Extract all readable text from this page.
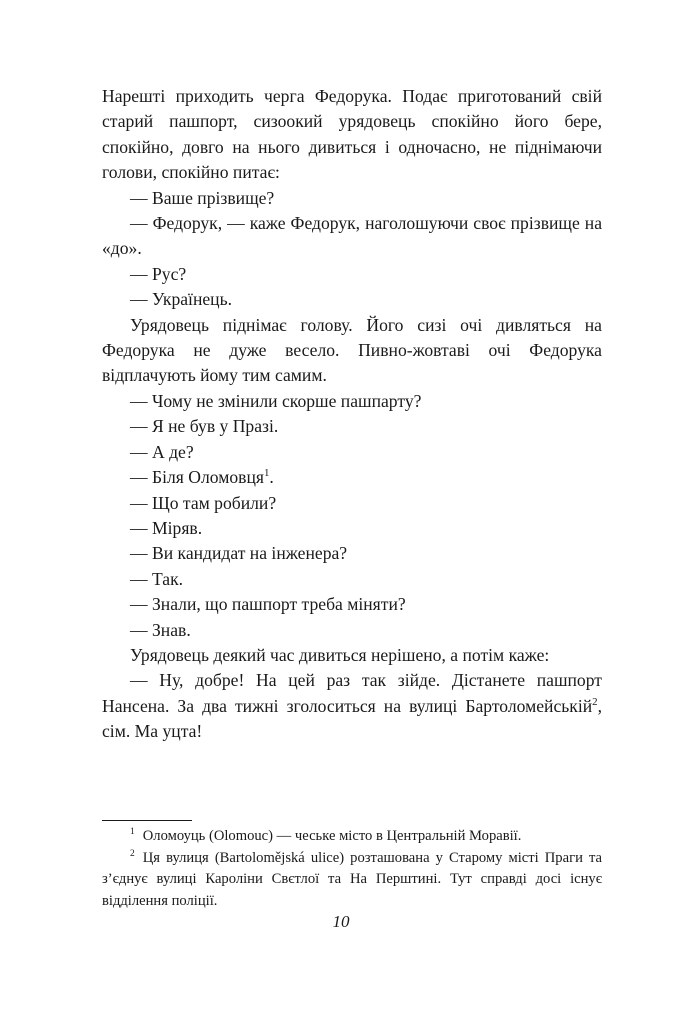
Нарешті приходить черга Федорука. Подає приготований свій старий пашпорт, сизоокий урядовець спокійно його бере, спокійно, довго на нього дивиться і одночасно, не піднімаючи голови, спокійно питає:

— Ваше прізвище?

— Федорук, — каже Федорук, наголошуючи своє прізвище на «до».

— Рус?

— Українець.

Урядовець піднімає голову. Його сизі очі дивляться на Федорука не дуже весело. Пивно-жовтаві очі Федорука відплачують йому тим самим.

— Чому не змінили скорше пашпарту?

— Я не був у Празі.

— А де?

— Біля Оломовця$^1$.

— Що там робили?

— Міряв.

— Ви кандидат на інженера?

— Так.

— Знали, що пашпорт треба міняти?

— Знав.

Урядовець деякий час дивиться нерішено, а потім каже:

— Ну, добре! На цей раз так зійде. Дістанете пашпорт Нансена. За два тижні зголоситься на вулиці Бартоломейській$^2$, сім. Ма уцта!

$^1$ Оломоуць (Olomouc) — чеське місто в Центральній Моравії.

$^2$ Ця вулиця (Bartolomějská ulice) розташована у Старому місті Праги та з’єднує вулиці Кароліни Свєтлої та На Перштині. Тут справді досі існує відділення поліції.

10
